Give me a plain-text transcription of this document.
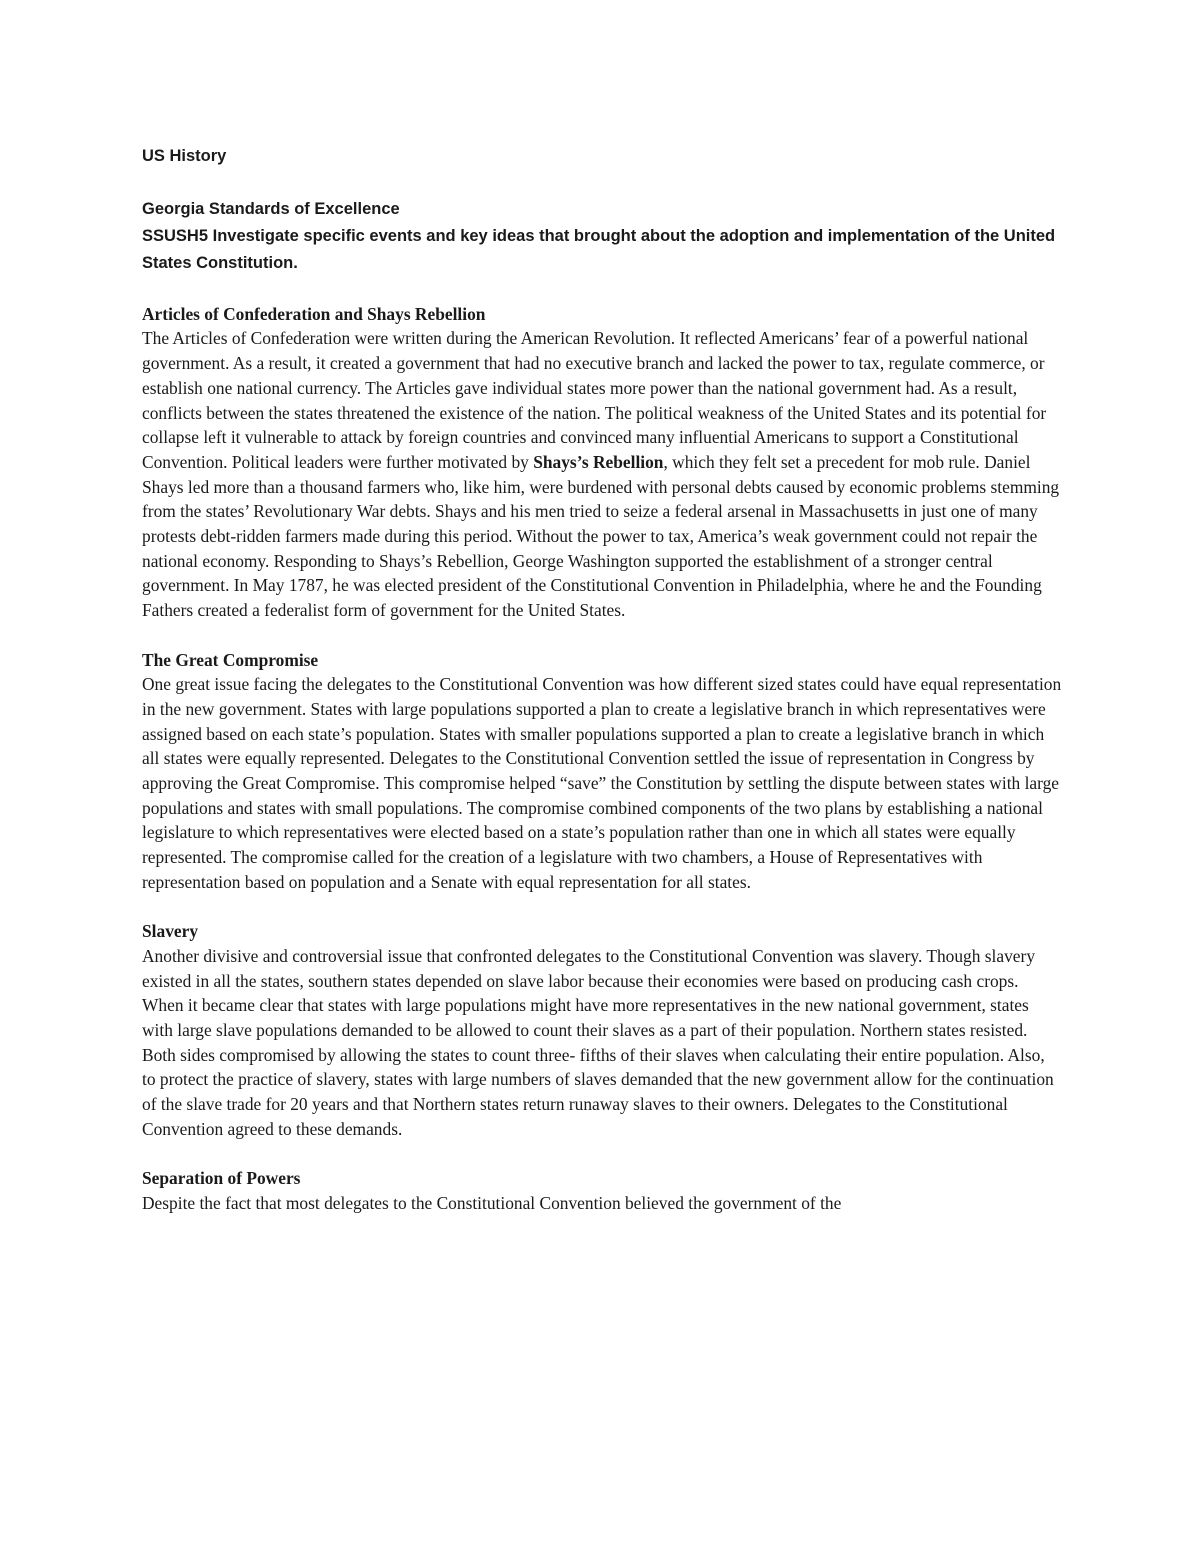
US History

Georgia Standards of Excellence

SSUSH5 Investigate specific events and key ideas that brought about the adoption and implementation of the United States Constitution.

Articles of Confederation and Shays Rebellion

The Articles of Confederation were written during the American Revolution. It reflected Americans’ fear of a powerful national government. As a result, it created a government that had no executive branch and lacked the power to tax, regulate commerce, or establish one national currency. The Articles gave individual states more power than the national government had. As a result, conflicts between the states threatened the existence of the nation. The political weakness of the United States and its potential for collapse left it vulnerable to attack by foreign countries and convinced many influential Americans to support a Constitutional Convention. Political leaders were further motivated by Shays’s Rebellion, which they felt set a precedent for mob rule. Daniel Shays led more than a thousand farmers who, like him, were burdened with personal debts caused by economic problems stemming from the states’ Revolutionary War debts. Shays and his men tried to seize a federal arsenal in Massachusetts in just one of many protests debt-ridden farmers made during this period. Without the power to tax, America’s weak government could not repair the national economy. Responding to Shays’s Rebellion, George Washington supported the establishment of a stronger central government. In May 1787, he was elected president of the Constitutional Convention in Philadelphia, where he and the Founding Fathers created a federalist form of government for the United States.

The Great Compromise

One great issue facing the delegates to the Constitutional Convention was how different sized states could have equal representation in the new government. States with large populations supported a plan to create a legislative branch in which representatives were assigned based on each state’s population. States with smaller populations supported a plan to create a legislative branch in which all states were equally represented. Delegates to the Constitutional Convention settled the issue of representation in Congress by approving the Great Compromise. This compromise helped “save” the Constitution by settling the dispute between states with large populations and states with small populations. The compromise combined components of the two plans by establishing a national legislature to which representatives were elected based on a state’s population rather than one in which all states were equally represented. The compromise called for the creation of a legislature with two chambers, a House of Representatives with representation based on population and a Senate with equal representation for all states.

Slavery

Another divisive and controversial issue that confronted delegates to the Constitutional Convention was slavery. Though slavery existed in all the states, southern states depended on slave labor because their economies were based on producing cash crops. When it became clear that states with large populations might have more representatives in the new national government, states with large slave populations demanded to be allowed to count their slaves as a part of their population. Northern states resisted. Both sides compromised by allowing the states to count three- fifths of their slaves when calculating their entire population. Also, to protect the practice of slavery, states with large numbers of slaves demanded that the new government allow for the continuation of the slave trade for 20 years and that Northern states return runaway slaves to their owners. Delegates to the Constitutional Convention agreed to these demands.

Separation of Powers

Despite the fact that most delegates to the Constitutional Convention believed the government of the
